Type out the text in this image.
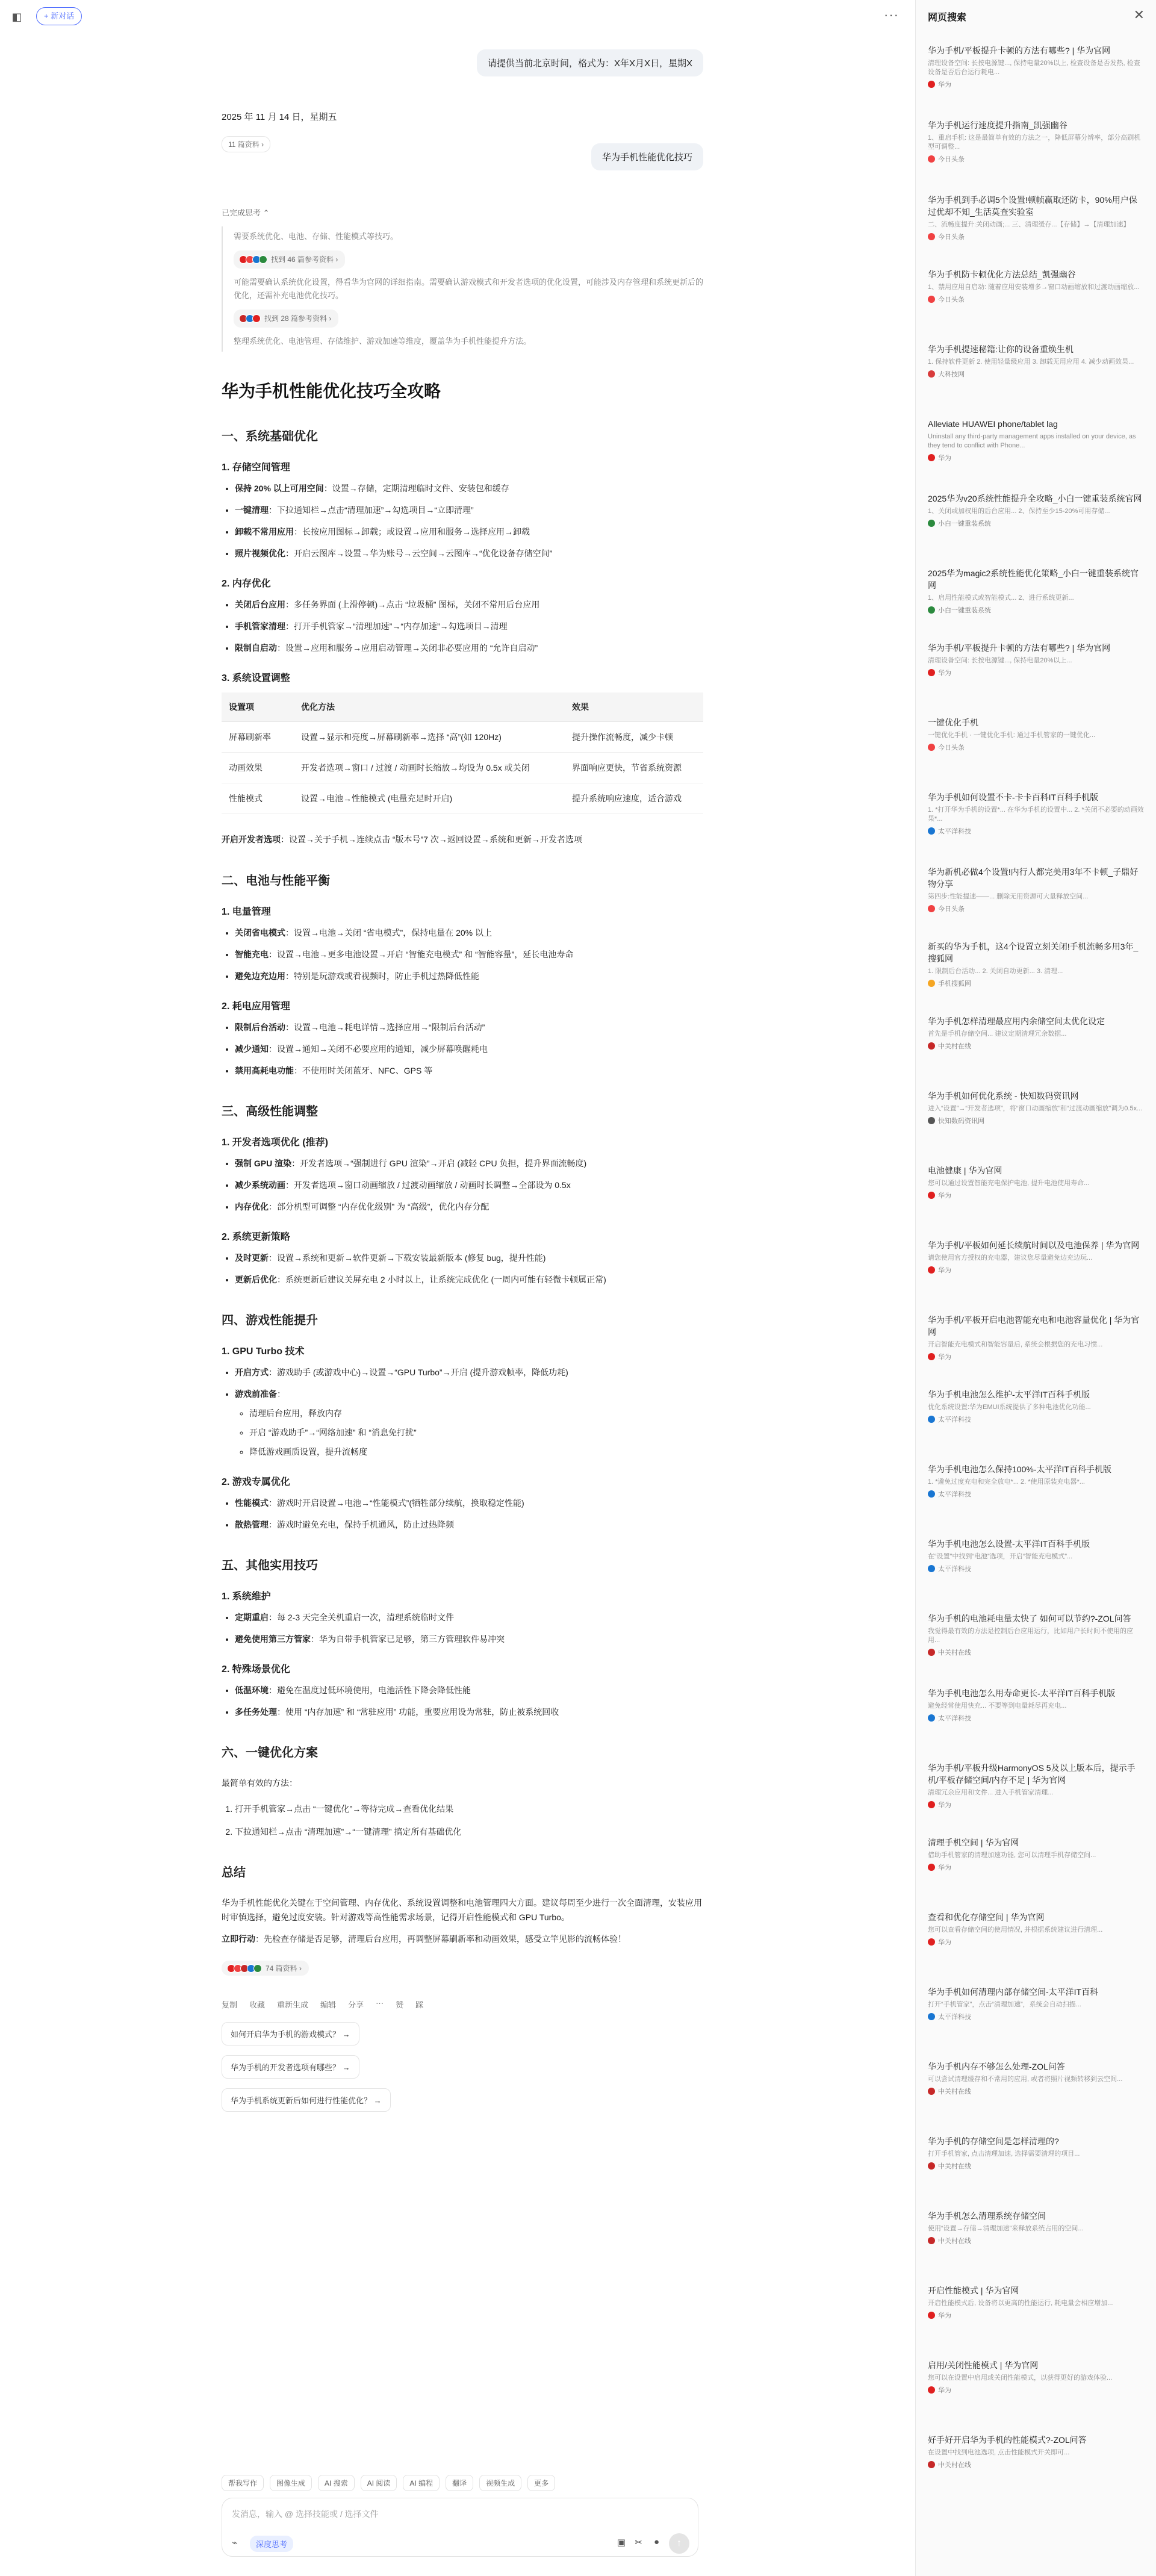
◧	+ 新对话	···
请提供当前北京时间，格式为：X年X月X日，星期X
2025 年 11 月 14 日，星期五
11 篇资料 ›
华为手机性能优化技巧
已完成思考 ⌃
需要系统优化、电池、存储、性能模式等技巧。
找到 46 篇参考资料 ›
可能需要确认系统优化设置，得看华为官网的详细指南。需要确认游戏模式和开发者选项的优化设置，可能涉及内存管理和系统更新后的优化，还需补充电池优化技巧。
找到 28 篇参考资料 ›
整理系统优化、电池管理、存储维护、游戏加速等维度，覆盖华为手机性能提升方法。
华为手机性能优化技巧全攻略
一、系统基础优化
1. 存储空间管理
• 保持 20% 以上可用空间：设置→存储，定期清理临时文件、安装包和缓存
• 一键清理：下拉通知栏→点击“清理加速”→勾选项目→“立即清理”
• 卸载不常用应用：长按应用图标→卸载；或设置→应用和服务→选择应用→卸载
• 照片视频优化：开启云图库→设置→华为账号→云空间→云图库→“优化设备存储空间”
2. 内存优化
• 关闭后台应用：多任务界面 (上滑停顿)→点击 “垃圾桶” 图标，关闭不常用后台应用
• 手机管家清理：打开手机管家→“清理加速”→“内存加速”→勾选项目→清理
• 限制自启动：设置→应用和服务→应用启动管理→关闭非必要应用的 “允许自启动”
3. 系统设置调整
设置项	优化方法	效果
屏幕刷新率	设置→显示和亮度→屏幕刷新率→选择 “高”(如 120Hz)	提升操作流畅度，减少卡顿
动画效果	开发者选项→窗口 / 过渡 / 动画时长缩放→均设为 0.5x 或关闭	界面响应更快，节省系统资源
性能模式	设置→电池→性能模式 (电量充足时开启)	提升系统响应速度，适合游戏

开启开发者选项：设置→关于手机→连续点击 “版本号”7 次→返回设置→系统和更新→开发者选项

二、电池与性能平衡
1. 电量管理
• 关闭省电模式：设置→电池→关闭 “省电模式”，保持电量在 20% 以上
• 智能充电：设置→电池→更多电池设置→开启 “智能充电模式” 和 “智能容量”，延长电池寿命
• 避免边充边用：特别是玩游戏或看视频时，防止手机过热降低性能
2. 耗电应用管理
• 限制后台活动：设置→电池→耗电详情→选择应用→“限制后台活动”
• 减少通知：设置→通知→关闭不必要应用的通知，减少屏幕唤醒耗电
• 禁用高耗电功能：不使用时关闭蓝牙、NFC、GPS 等
三、高级性能调整
1. 开发者选项优化 (推荐)
• 强制 GPU 渲染：开发者选项→“强制进行 GPU 渲染”→开启 (减轻 CPU 负担，提升界面流畅度)
• 减少系统动画：开发者选项→窗口动画缩放 / 过渡动画缩放 / 动画时长调整→全部设为 0.5x
• 内存优化：部分机型可调整 “内存优化级别” 为 “高级”，优化内存分配
2. 系统更新策略
• 及时更新：设置→系统和更新→软件更新→下载安装最新版本 (修复 bug，提升性能)
• 更新后优化：系统更新后建议关屏充电 2 小时以上，让系统完成优化 (一周内可能有轻微卡顿属正常)
四、游戏性能提升
1. GPU Turbo 技术
• 开启方式：游戏助手 (或游戏中心)→设置→“GPU Turbo”→开启 (提升游戏帧率，降低功耗)
• 游戏前准备：
◦ 清理后台应用，释放内存
◦ 开启 “游戏助手”→“网络加速” 和 “消息免打扰”
◦ 降低游戏画质设置，提升流畅度
2. 游戏专属优化
• 性能模式：游戏时开启设置→电池→“性能模式”(牺牲部分续航，换取稳定性能)
• 散热管理：游戏时避免充电，保持手机通风，防止过热降频
五、其他实用技巧
1. 系统维护
• 定期重启：每 2-3 天完全关机重启一次，清理系统临时文件
• 避免使用第三方管家：华为自带手机管家已足够，第三方管理软件易冲突
2. 特殊场景优化
• 低温环境：避免在温度过低环境使用，电池活性下降会降低性能
• 多任务处理：使用 “内存加速” 和 “常驻应用” 功能，重要应用设为常驻，防止被系统回收
六、一键优化方案

最简单有效的方法：

1. 打开手机管家→点击 “一键优化”→等待完成→查看优化结果
2. 下拉通知栏→点击 “清理加速”→“一键清理” 搞定所有基础优化
总结

华为手机性能优化关键在于空间管理、内存优化、系统设置调整和电池管理四大方面。建议每周至少进行一次全面清理，安装应用时审慎选择，避免过度安装。针对游戏等高性能需求场景，记得开启性能模式和 GPU Turbo。

立即行动：先检查存储是否足够，清理后台应用，再调整屏幕刷新率和动画效果，感受立竿见影的流畅体验！

74 篇资料 ›
复制 收藏 重新生成 编辑 分享 ··· 赞 踩
如何开启华为手机的游戏模式？ →
华为手机的开发者选项有哪些？ →
华为手机系统更新后如何进行性能优化？ →
帮我写作	图像生成	AI 搜索	AI 阅读	AI 编程	翻译	视频生成	更多
发消息，输入 @ 选择技能或 / 选择文件
⌁	深度思考	▣ ✂ ●	↑
网页搜索	✕
华为手机/平板提升卡顿的方法有哪些? | 华为官网
清理设备空间: 长按电源键..., 保持电量20%以上, 检查设备是否发热, 检查设备是否后台运行耗电...
华为
华为手机运行速度提升指南_凯强幽谷
1、重启手机: 这是最简单有效的方法之一，降低屏幕分辨率，部分高刷机型可调整...
今日头条
华为手机到手必调5个设置!顿帧赢取还防卡，90%用户保过优却不知_生活莫查实验室
二、流畅度提升:关闭动画;... 三、清理缓存...【存储】→【清理加速】
今日头条
华为手机防卡顿优化方法总结_凯强幽谷
1、禁用应用自启动: 随着应用安装增多→窗口动画缩放和过渡动画缩放...
今日头条
华为手机提速秘籍:让你的设备重焕生机
1. 保持软件更新 2. 使用轻量级应用 3. 卸载无用应用 4. 减少动画效果...
大科技网
Alleviate HUAWEI phone/tablet lag
Uninstall any third-party management apps installed on your device, as they tend to conflict with Phone...
华为
2025华为v20系统性能提升全攻略_小白一键重装系统官网
1、关闭或加权用的后台应用... 2、保持至少15-20%可用存储...
小白一键重装系统
2025华为magic2系统性能优化策略_小白一键重装系统官网
1、启用性能模式或智能模式... 2、进行系统更新...
小白一键重装系统
华为手机/平板提升卡顿的方法有哪些? | 华为官网
清理设备空间: 长按电源键..., 保持电量20%以上...
华为
一键优化手机
一键优化手机 · 一键优化手机: 通过手机管家的一键优化...
今日头条
华为手机如何设置不卡-卡卡百科IT百科手机版
1. *打开华为手机的设置*... 在华为手机的设置中... 2. *关闭不必要的动画效果*...
太平洋科技
华为新机必做4个设置!内行人都完美用3年不卡顿_子鼎好物分享
第四步:性能提速——... 删除无用资源可大量释放空间...
今日头条
新买的华为手机，这4个设置立刻关闭!手机流畅多用3年_搜狐网
1. 限制后台活动... 2. 关闭自动更新... 3. 清理...
手机搜狐网
华为手机怎样清理最应用内余储空间太优化设定
首先是手机存储空间... 建议定期清理冗余数据...
中关村在线
华为手机如何优化系统 - 快知数码资讯网
进入“设置”→“开发者选项”，将“窗口动画缩放”和“过渡动画缩放”调为0.5x...
快知数码资讯网
电池健康 | 华为官网
您可以通过设置智能充电保护电池, 提升电池使用寿命...
华为
华为手机/平板如何延长续航时间以及电池保养 | 华为官网
请您使用官方授权的充电器，建议您尽量避免边充边玩...
华为
华为手机/平板开启电池智能充电和电池容量优化 | 华为官网
开启智能充电模式和智能容量后, 系统会根据您的充电习惯...
华为
华为手机电池怎么维护-太平洋IT百科手机版
优化系统设置:华为EMUI系统提供了多种电池优化功能...
太平洋科技
华为手机电池怎么保持100%-太平洋IT百科手机版
1. *避免过度充电和完全放电*... 2. *使用原装充电器*...
太平洋科技
华为手机电池怎么设置-太平洋IT百科手机版
在“设置”中找到“电池”选项，开启“智能充电模式”...
太平洋科技
华为手机的电池耗电量太快了 如何可以节约?-ZOL问答
我觉得最有效的方法是控制后台应用运行，比如用户长时间不使用的应用...
中关村在线
华为手机电池怎么用寿命更长-太平洋IT百科手机版
避免经常使用快充... 不要等到电量耗尽再充电...
太平洋科技
华为手机/平板升级HarmonyOS 5及以上版本后，提示手机/平板存储空间/内存不足 | 华为官网
清理冗余应用和文件... 进入手机管家清理...
华为
清理手机空间 | 华为官网
借助手机管家的清理加速功能, 您可以清理手机存储空间...
华为
查看和优化存储空间 | 华为官网
您可以查看存储空间的使用情况, 并根据系统建议进行清理...
华为
华为手机如何清理内部存储空间-太平洋IT百科
打开“手机管家”，点击“清理加速”，系统会自动扫描...
太平洋科技
华为手机内存不够怎么处理-ZOL问答
可以尝试清理缓存和不常用的应用, 或者将照片视频转移到云空间...
中关村在线
华为手机的存储空间是怎样清理的?
打开手机管家, 点击清理加速, 选择需要清理的项目...
中关村在线
华为手机怎么清理系统存储空间
使用“设置→存储→清理加速”来释放系统占用的空间...
中关村在线
开启性能模式 | 华为官网
开启性能模式后, 设备将以更高的性能运行, 耗电量会相应增加...
华为
启用/关闭性能模式 | 华为官网
您可以在设置中启用或关闭性能模式，以获得更好的游戏体验...
华为
好手好开启华为手机的性能模式?-ZOL问答
在设置中找到电池选项, 点击性能模式开关即可...
中关村在线
